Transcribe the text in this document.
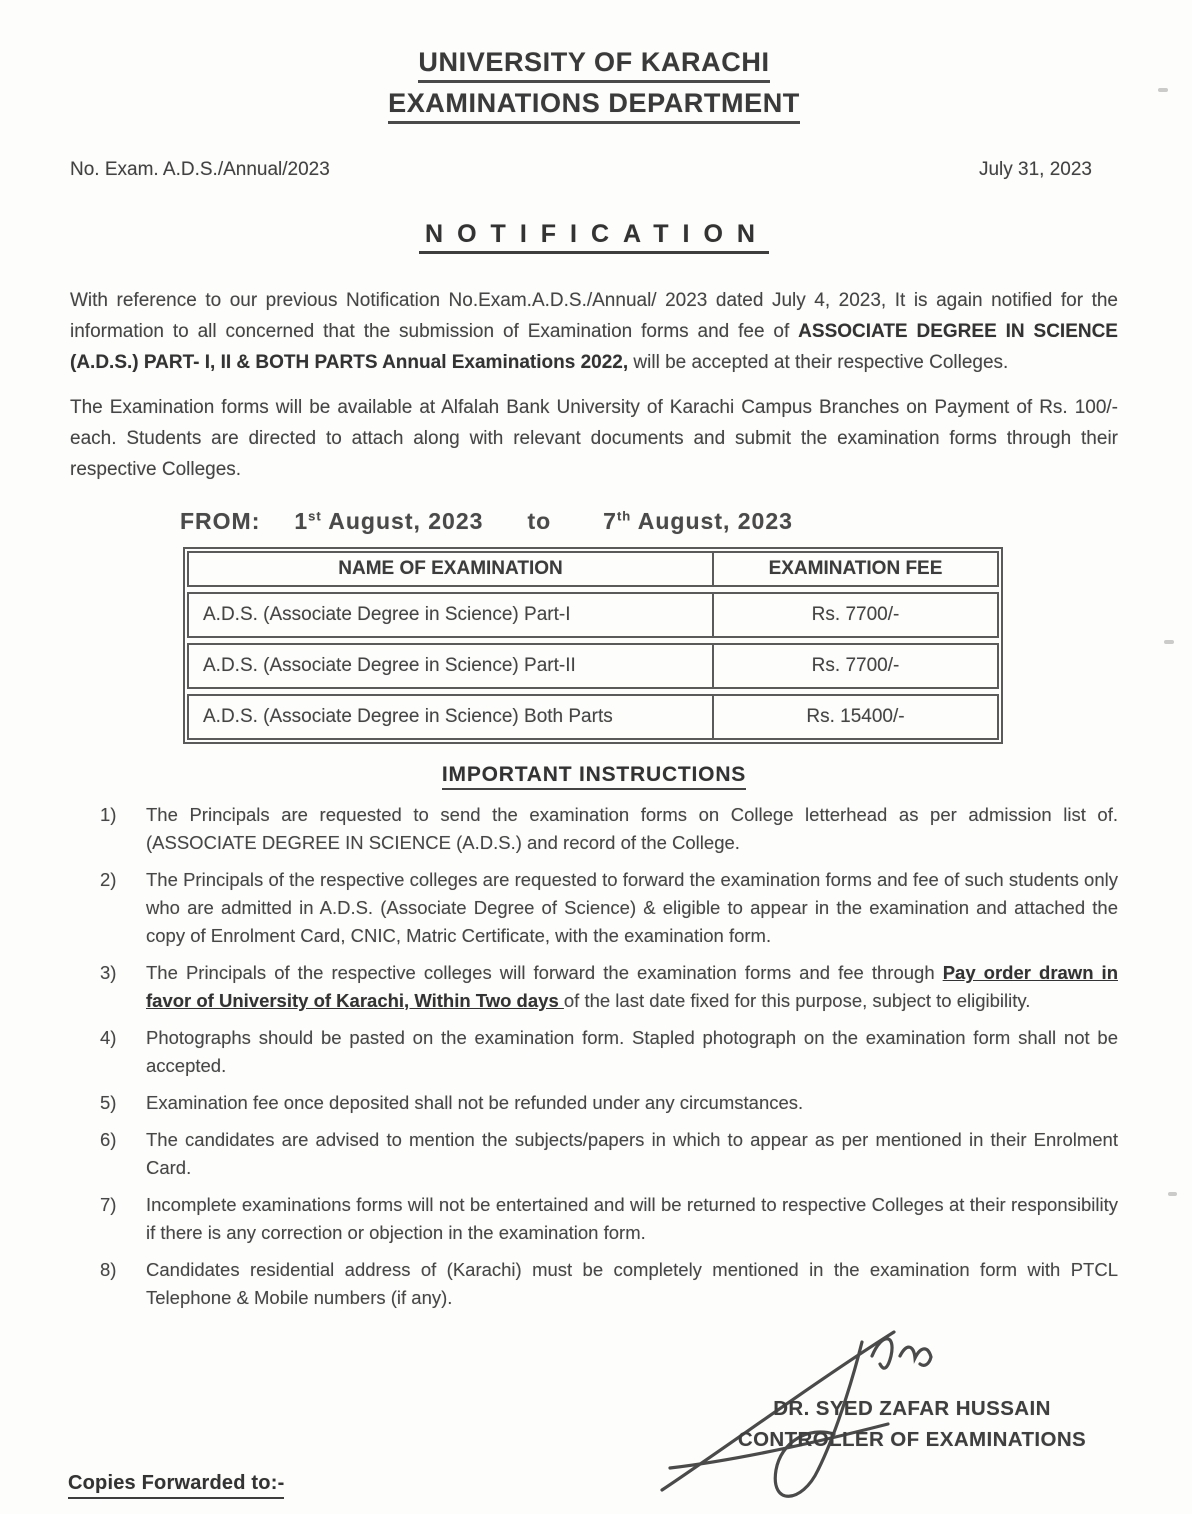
UNIVERSITY OF KARACHI
EXAMINATIONS DEPARTMENT
No. Exam. A.D.S./Annual/2023	July 31, 2023
NOTIFICATION
With reference to our previous Notification No.Exam.A.D.S./Annual/ 2023 dated July 4, 2023, It is again notified for the information to all concerned that the submission of Examination forms and fee of ASSOCIATE DEGREE IN SCIENCE (A.D.S.) PART- I, II & BOTH PARTS Annual Examinations 2022, will be accepted at their respective Colleges.
The Examination forms will be available at Alfalah Bank University of Karachi Campus Branches on Payment of Rs. 100/- each. Students are directed to attach along with relevant documents and submit the examination forms through their respective Colleges.
FROM: 1st August, 2023 to 7th August, 2023
NAME OF EXAMINATION	EXAMINATION FEE
A.D.S. (Associate Degree in Science) Part-I	Rs. 7700/-
A.D.S. (Associate Degree in Science) Part-II	Rs. 7700/-
A.D.S. (Associate Degree in Science) Both Parts	Rs. 15400/-
IMPORTANT INSTRUCTIONS
1)	The Principals are requested to send the examination forms on College letterhead as per admission list of. (ASSOCIATE DEGREE IN SCIENCE (A.D.S.) and record of the College.
2)	The Principals of the respective colleges are requested to forward the examination forms and fee of such students only who are admitted in A.D.S. (Associate Degree of Science) & eligible to appear in the examination and attached the copy of Enrolment Card, CNIC, Matric Certificate, with the examination form.
3)	The Principals of the respective colleges will forward the examination forms and fee through Pay order drawn in favor of University of Karachi, Within Two days of the last date fixed for this purpose, subject to eligibility.
4)	Photographs should be pasted on the examination form. Stapled photograph on the examination form shall not be accepted.
5)	Examination fee once deposited shall not be refunded under any circumstances.
6)	The candidates are advised to mention the subjects/papers in which to appear as per mentioned in their Enrolment Card.
7)	Incomplete examinations forms will not be entertained and will be returned to respective Colleges at their responsibility if there is any correction or objection in the examination form.
8)	Candidates residential address of (Karachi) must be completely mentioned in the examination form with PTCL Telephone & Mobile numbers (if any).
DR. SYED ZAFAR HUSSAIN
CONTROLLER OF EXAMINATIONS
Copies Forwarded to:-
